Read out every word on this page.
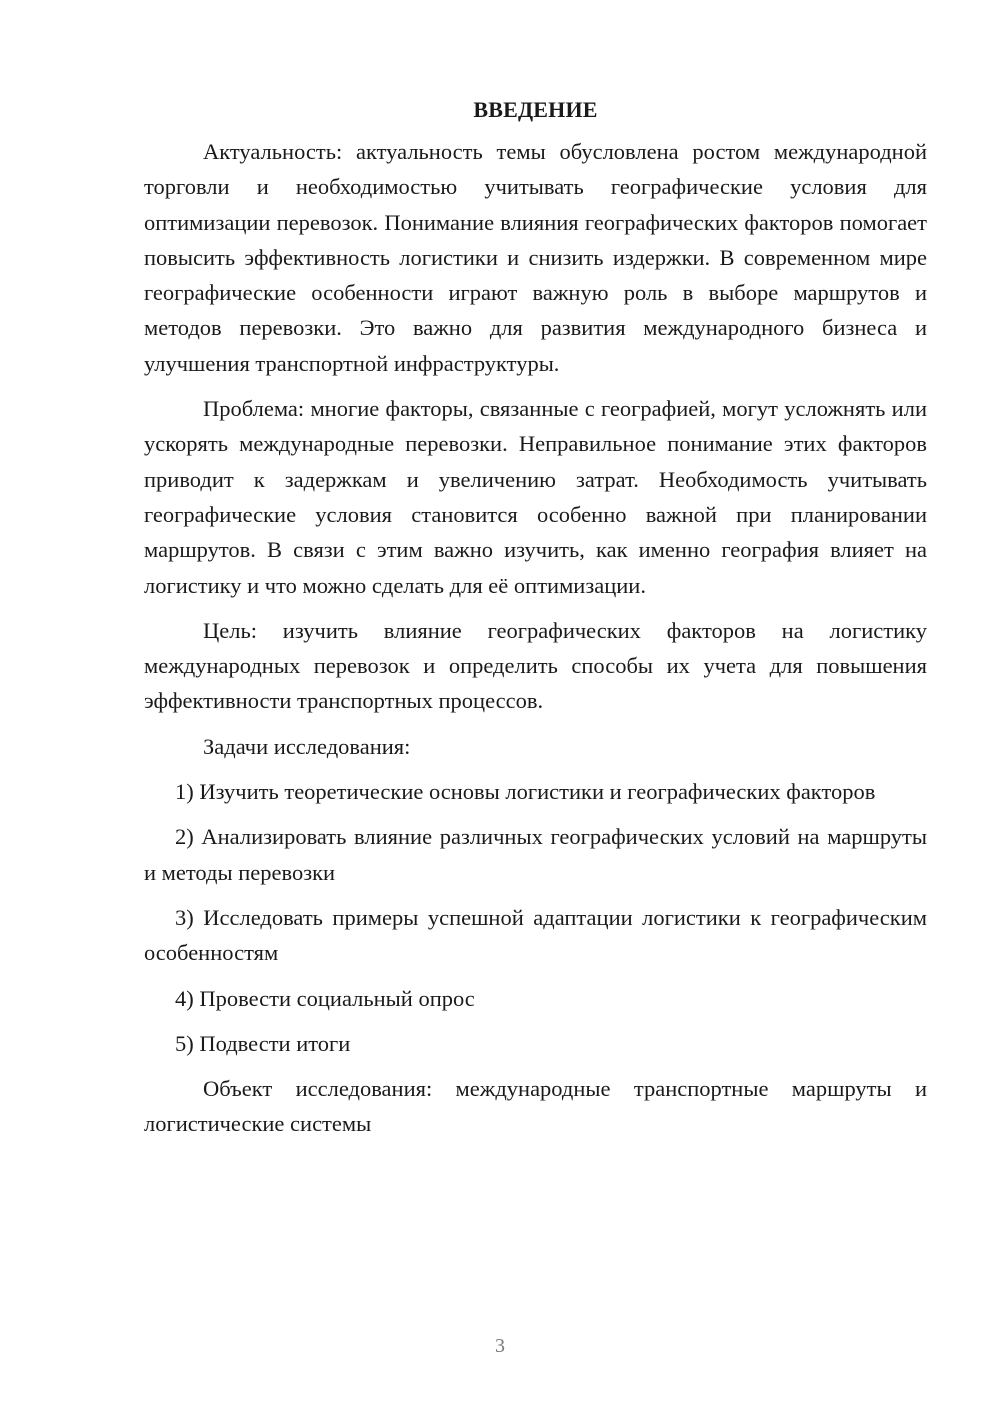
ВВЕДЕНИЕ

Актуальность: актуальность темы обусловлена ростом международной торговли и необходимостью учитывать географические условия для оптимизации перевозок. Понимание влияния географических факторов помогает повысить эффективность логистики и снизить издержки. В современном мире географические особенности играют важную роль в выборе маршрутов и методов перевозки. Это важно для развития международного бизнеса и улучшения транспортной инфраструктуры.

Проблема: многие факторы, связанные с географией, могут усложнять или ускорять международные перевозки. Неправильное понимание этих факторов приводит к задержкам и увеличению затрат. Необходимость учитывать географические условия становится особенно важной при планировании маршрутов. В связи с этим важно изучить, как именно география влияет на логистику и что можно сделать для её оптимизации.

Цель: изучить влияние географических факторов на логистику международных перевозок и определить способы их учета для повышения эффективности транспортных процессов.

Задачи исследования:

1) Изучить теоретические основы логистики и географических факторов

2) Анализировать влияние различных географических условий на маршруты и методы перевозки

3) Исследовать примеры успешной адаптации логистики к географическим особенностям

4) Провести социальный опрос

5) Подвести итоги

Объект исследования: международные транспортные маршруты и логистические системы

3
